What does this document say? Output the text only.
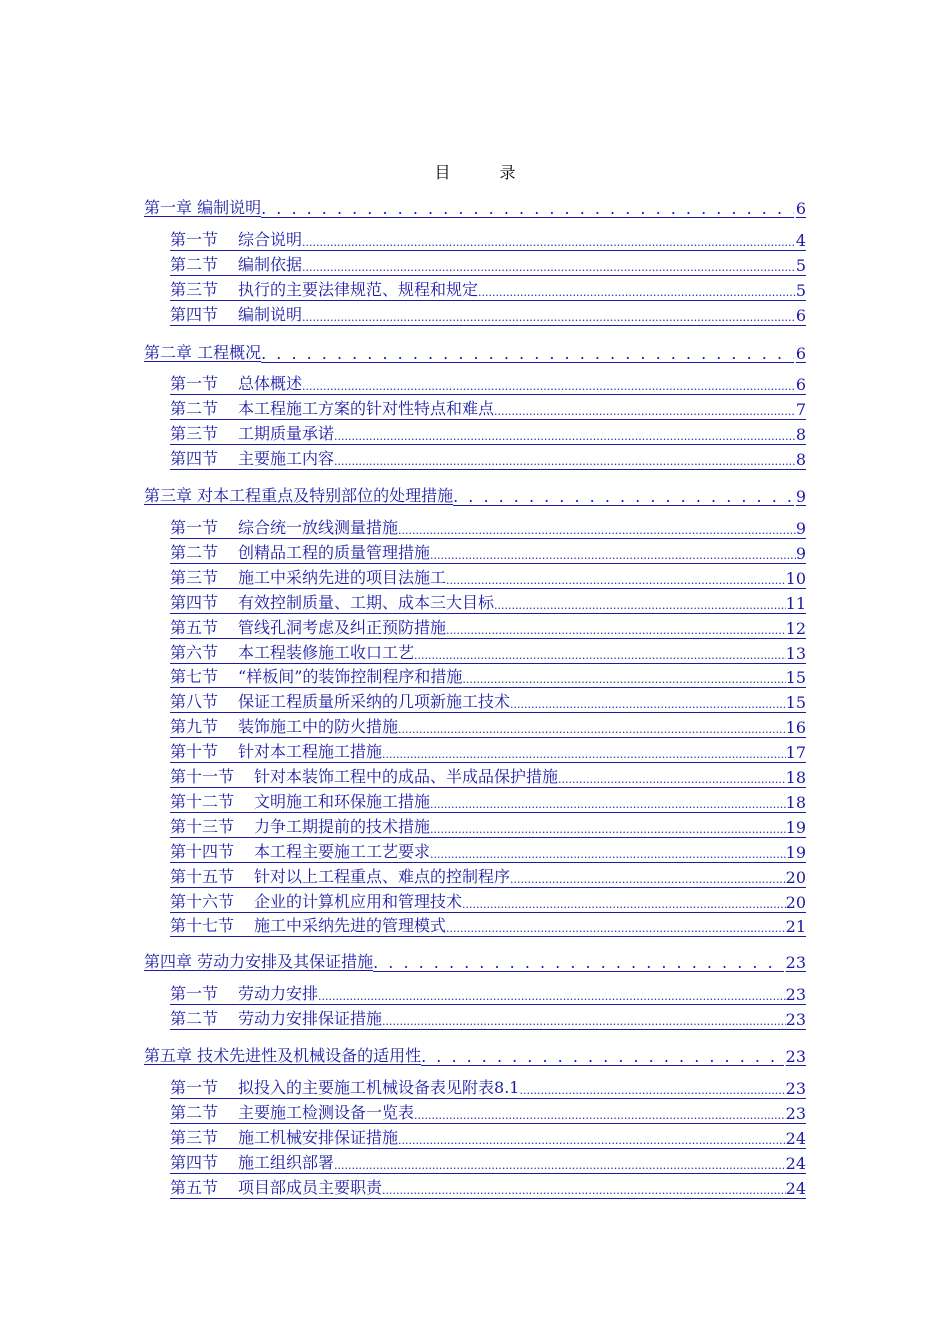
目 录
第一章 编制说明 . . .	6
第一节 综合说明 .....	4
第二节 编制依据 .....	5
第三节 执行的主要法律规范、规程和规定 .....	5
第四节 编制说明 .....	6
第二章 工程概况 . . .	6
第一节 总体概述 .....	6
第二节 本工程施工方案的针对性特点和难点 .....	7
第三节 工期质量承诺 .....	8
第四节 主要施工内容 .....	8
第三章 对本工程重点及特别部位的处理措施 . . .	9
第一节 综合统一放线测量措施 .....	9
第二节 创精品工程的质量管理措施 .....	9
第三节 施工中采纳先进的项目法施工 .....	10
第四节 有效控制质量、工期、成本三大目标 .....	11
第五节 管线孔洞考虑及纠正预防措施 .....	12
第六节 本工程装修施工收口工艺 .....	13
第七节 “样板间”的装饰控制程序和措施 .....	15
第八节 保证工程质量所采纳的几项新施工技术 .....	15
第九节 装饰施工中的防火措施 .....	16
第十节 针对本工程施工措施 .....	17
第十一节 针对本装饰工程中的成品、半成品保护措施 .....	18
第十二节 文明施工和环保施工措施 .....	18
第十三节 力争工期提前的技术措施 .....	19
第十四节 本工程主要施工工艺要求 .....	19
第十五节 针对以上工程重点、难点的控制程序 .....	20
第十六节 企业的计算机应用和管理技术 .....	20
第十七节 施工中采纳先进的管理模式 .....	21
第四章 劳动力安排及其保证措施 . . .	23
第一节 劳动力安排 .....	23
第二节 劳动力安排保证措施 .....	23
第五章 技术先进性及机械设备的适用性 . . .	23
第一节 拟投入的主要施工机械设备表见附表8.1 .....	23
第二节 主要施工检测设备一览表 .....	23
第三节 施工机械安排保证措施 .....	24
第四节 施工组织部署 .....	24
第五节 项目部成员主要职责 .....	24
